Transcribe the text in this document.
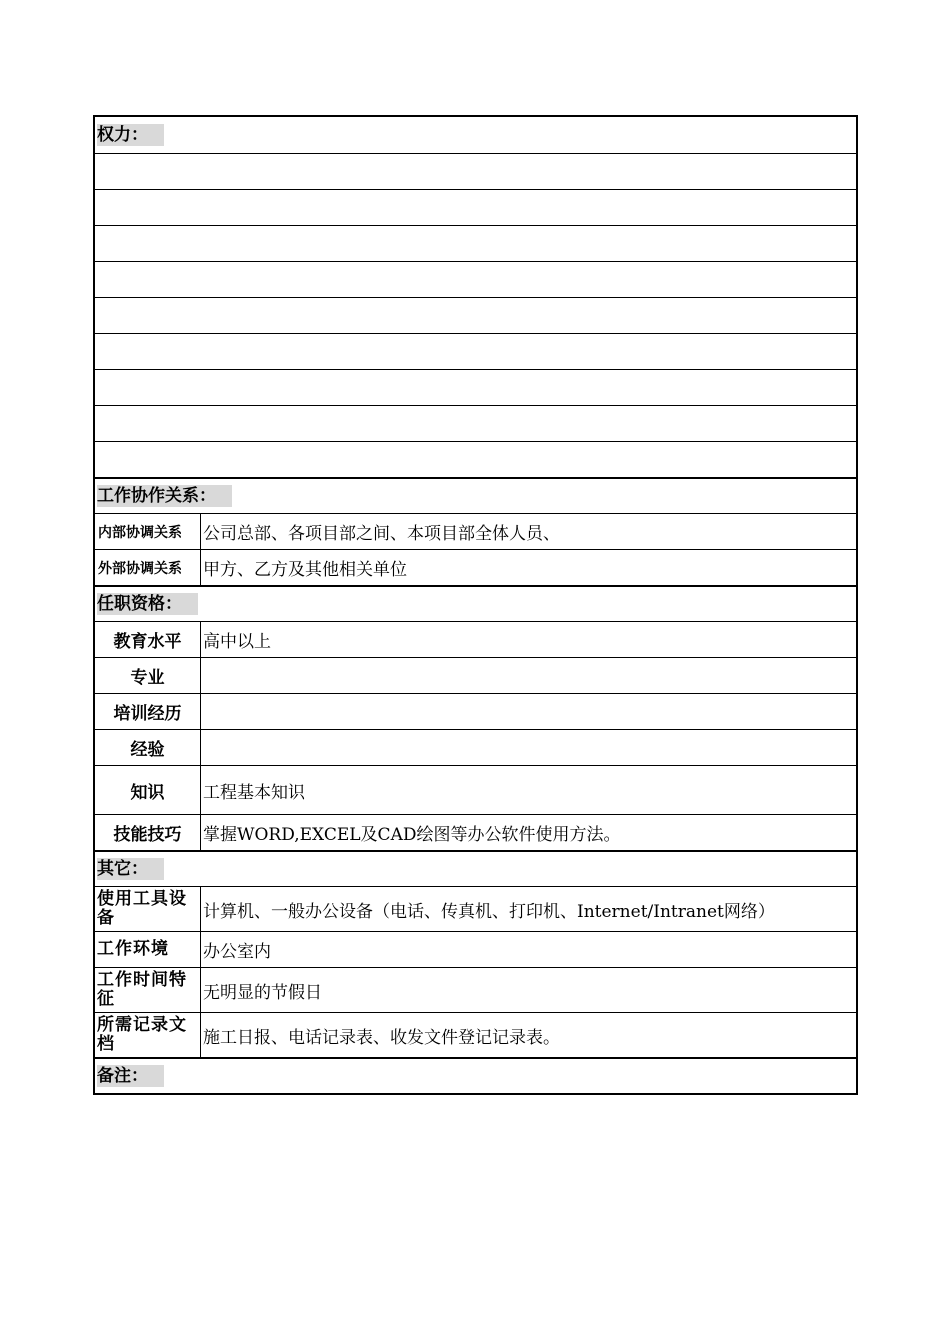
权力：
工作协作关系：
内部协调关系	公司总部、各项目部之间、本项目部全体人员、
外部协调关系	甲方、乙方及其他相关单位
任职资格：
教育水平	高中以上
专业
培训经历
经验
知识	工程基本知识
技能技巧	掌握WORD,EXCEL及CAD绘图等办公软件使用方法。
其它：
使用工具设备	计算机、一般办公设备（电话、传真机、打印机、Internet/Intranet网络）
工作环境	办公室内
工作时间特征	无明显的节假日
所需记录文档	施工日报、电话记录表、收发文件登记记录表。
备注：
